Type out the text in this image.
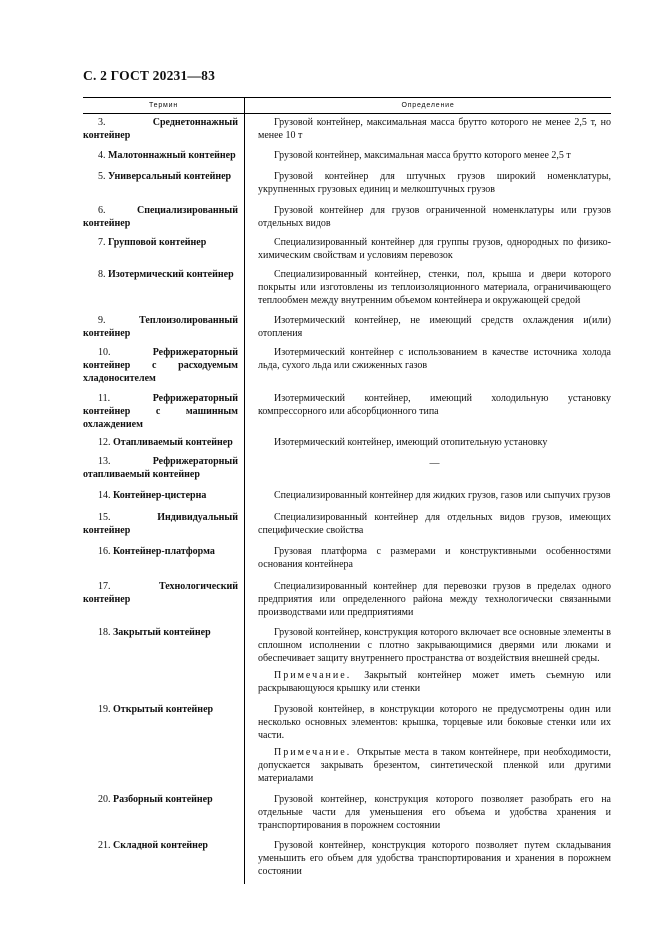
С. 2 ГОСТ 20231—83
Термин	Определение
3. Среднетоннажный контейнер
4. Малотоннажный контейнер
5. Универсальный контейнер
6. Специализированный контейнер
7. Групповой контейнер
8. Изотермический контейнер
9. Теплоизолированный контейнер
10. Рефрижераторный контейнер с расходуемым хладоносителем
11. Рефрижераторный контейнер с машинным охлаждением
12. Отапливаемый контейнер
13. Рефрижераторный отапливаемый контейнер
14. Контейнер-цистерна
15. Индивидуальный контейнер
16. Контейнер-платформа
17. Технологический контейнер
18. Закрытый контейнер
19. Открытый контейнер
20. Разборный контейнер
21. Складной контейнер

Грузовой контейнер, максимальная масса брутто которого не менее 2,5 т, но менее 10 т

Грузовой контейнер, максимальная масса брутто которого менее 2,5 т

Грузовой контейнер для штучных грузов широкий номенклатуры, укрупненных грузовых единиц и мелкоштучных грузов

Грузовой контейнер для грузов ограниченной номенклатуры или грузов отдельных видов

Специализированный контейнер для группы грузов, однородных по физико-химическим свойствам и условиям перевозок

Специализированный контейнер, стенки, пол, крыша и двери которого покрыты или изготовлены из теплоизоляционного материала, ограничивающего теплообмен между внутренним объемом контейнера и окружающей средой

Изотермический контейнер, не имеющий средств охлаждения и(или) отопления

Изотермический контейнер с использованием в качестве источника холода льда, сухого льда или сжиженных газов

Изотермический контейнер, имеющий холодильную установку компрессорного или абсорбционного типа

Изотермический контейнер, имеющий отопительную установку

—

Специализированный контейнер для жидких грузов, газов или сыпучих грузов

Специализированный контейнер для отдельных видов грузов, имеющих специфические свойства

Грузовая платформа с размерами и конструктивными особенностями основания контейнера

Специализированный контейнер для перевозки грузов в пределах одного предприятия или определенного района между технологически связанными производствами или предприятиями

Грузовой контейнер, конструкция которого включает все основные элементы в сплошном исполнении с плотно закрывающимися дверями или люками и обеспечивает защиту внутреннего пространства от воздействия внешней среды.

Примечание. Закрытый контейнер может иметь съемную или раскрывающуюся крышку или стенки

Грузовой контейнер, в конструкции которого не предусмотрены один или несколько основных элементов: крышка, торцевые или боковые стенки или их части.

Примечание. Открытые места в таком контейнере, при необходимости, допускается закрывать брезентом, синтетической пленкой или другими материалами

Грузовой контейнер, конструкция которого позволяет разобрать его на отдельные части для уменьшения его объема и удобства хранения и транспортирования в порожнем состоянии

Грузовой контейнер, конструкция которого позволяет путем складывания уменьшить его объем для удобства транспортирования и хранения в порожнем состоянии
